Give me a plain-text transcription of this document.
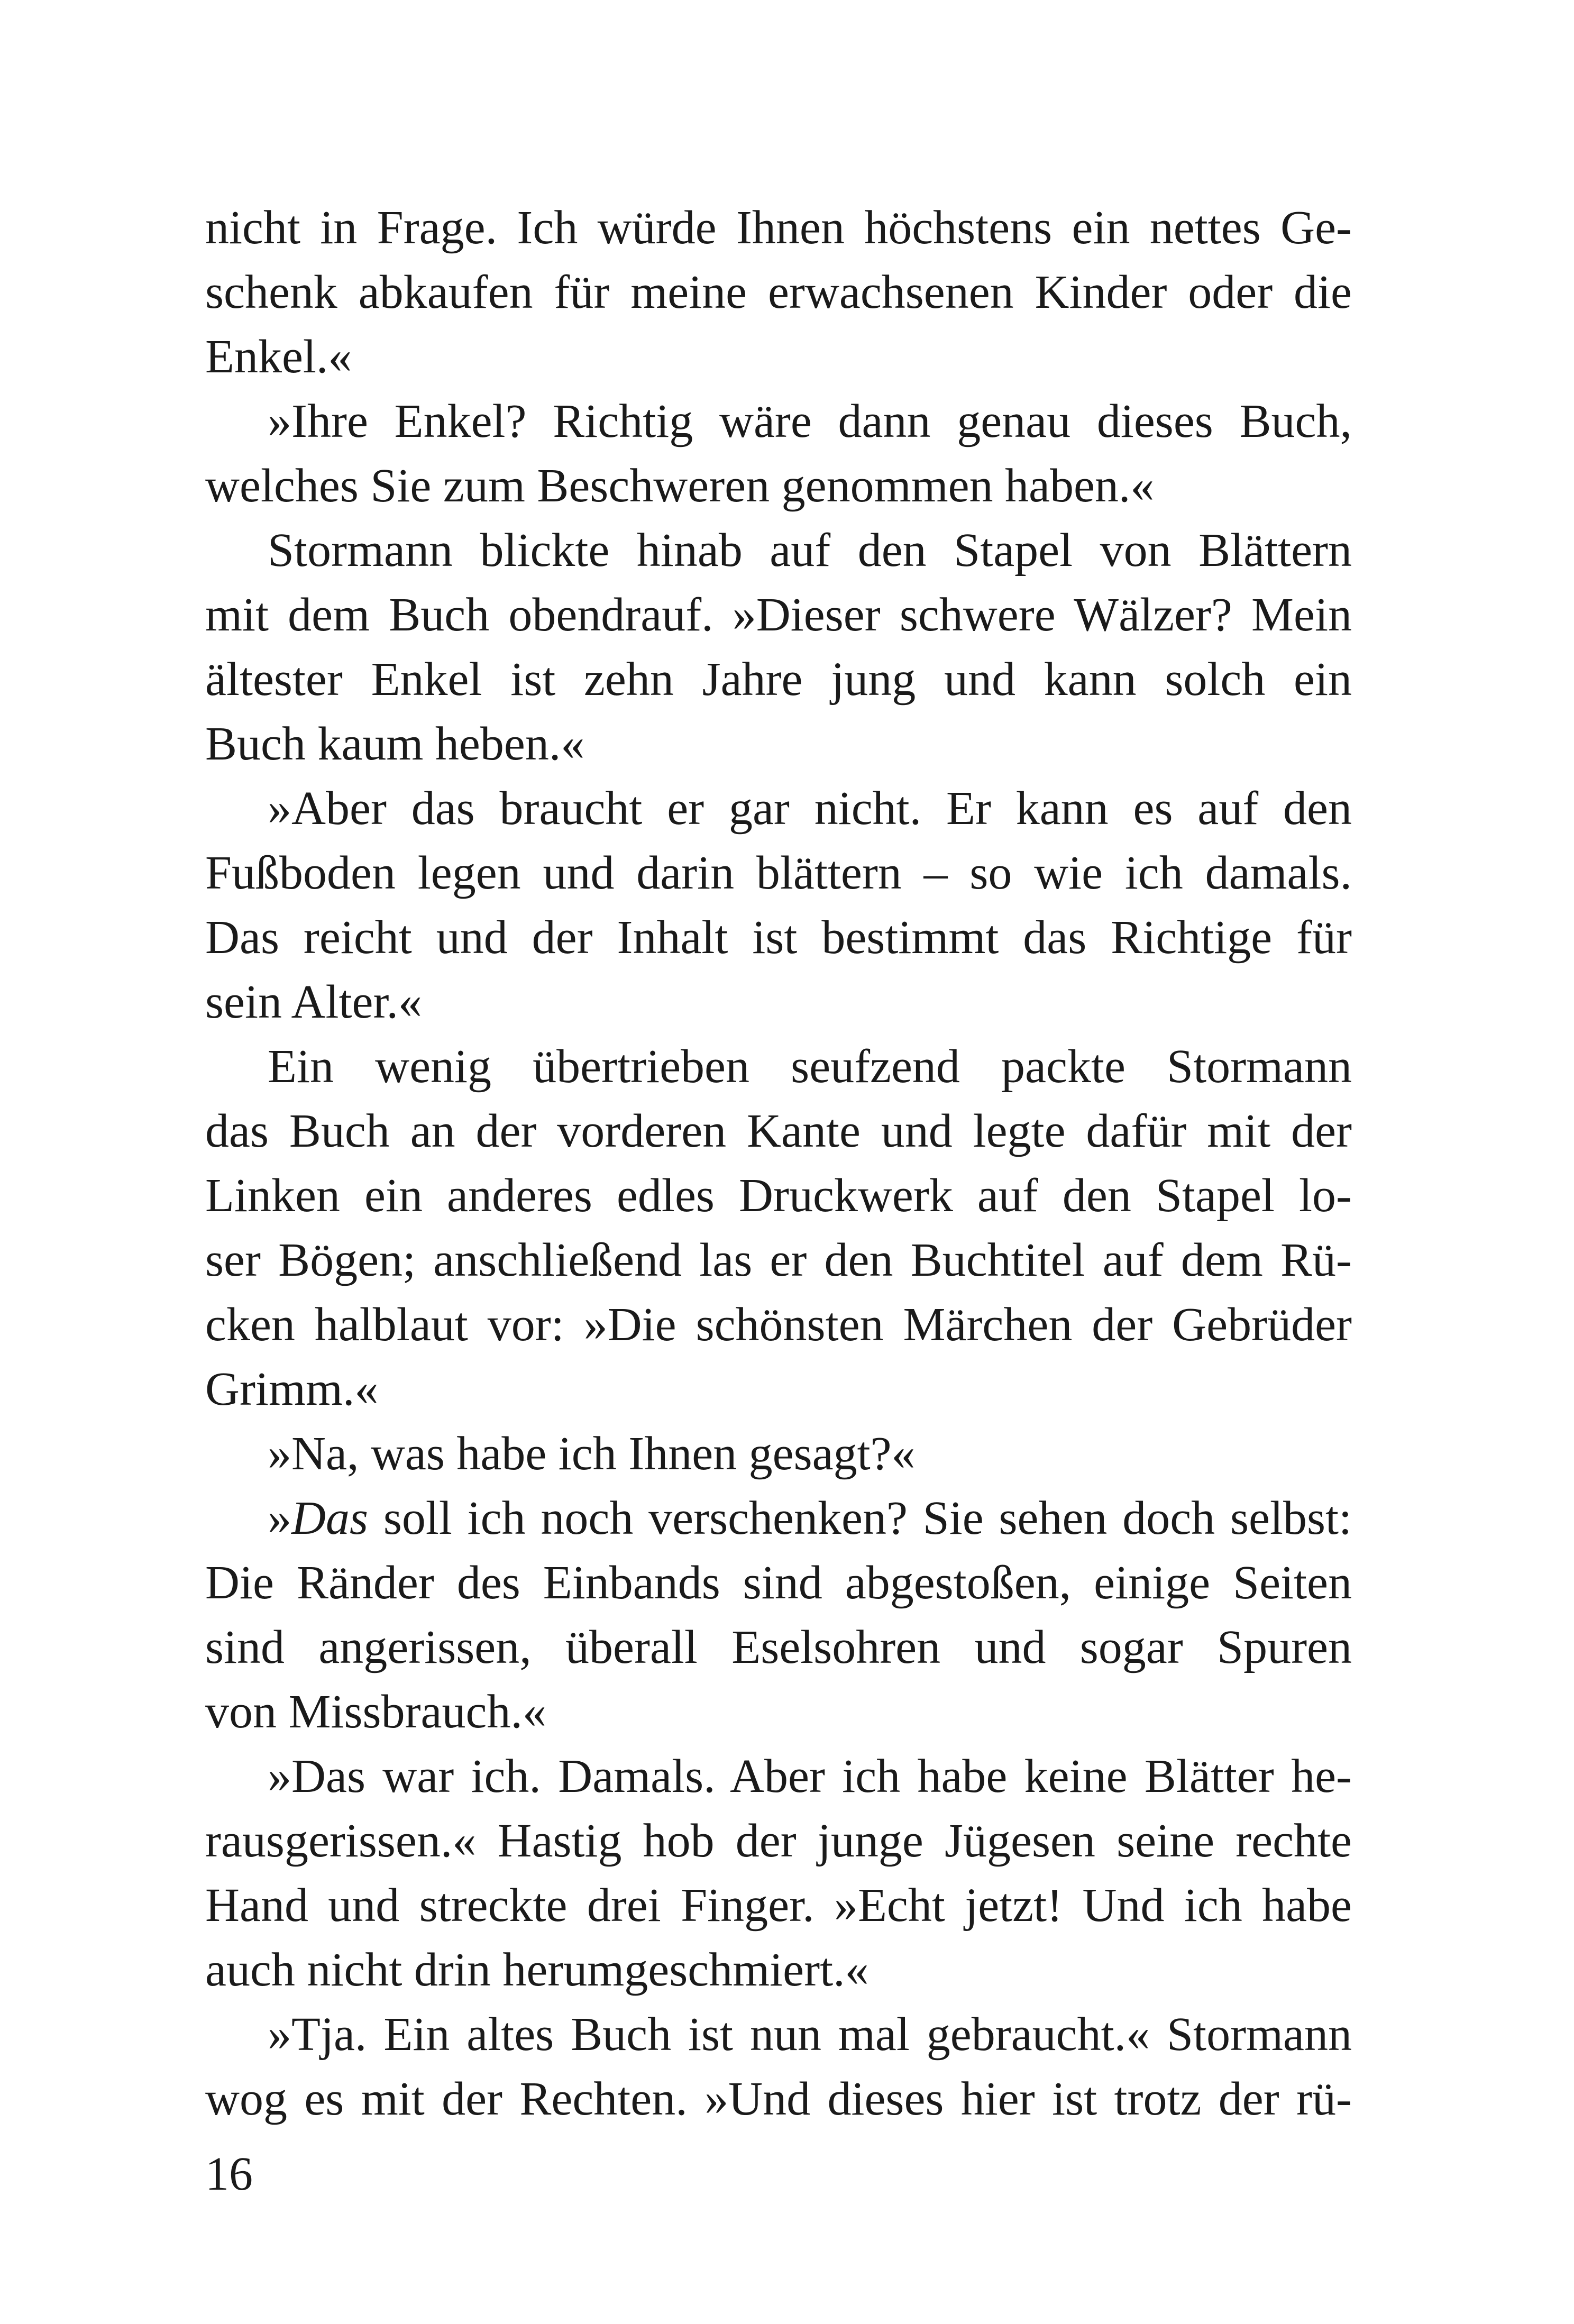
nicht in Frage. Ich würde Ihnen höchstens ein nettes Ge-
schenk abkaufen für meine erwachsenen Kinder oder die
Enkel.«
»Ihre Enkel? Richtig wäre dann genau dieses Buch,
welches Sie zum Beschweren genommen haben.«
Stormann blickte hinab auf den Stapel von Blättern
mit dem Buch obendrauf. »Dieser schwere Wälzer? Mein
ältester Enkel ist zehn Jahre jung und kann solch ein
Buch kaum heben.«
»Aber das braucht er gar nicht. Er kann es auf den
Fußboden legen und darin blättern – so wie ich damals.
Das reicht und der Inhalt ist bestimmt das Richtige für
sein Alter.«
Ein wenig übertrieben seufzend packte Stormann
das Buch an der vorderen Kante und legte dafür mit der
Linken ein anderes edles Druckwerk auf den Stapel lo-
ser Bögen; anschließend las er den Buchtitel auf dem Rü-
cken halblaut vor: »Die schönsten Märchen der Gebrüder
Grimm.«
»Na, was habe ich Ihnen gesagt?«
»Das soll ich noch verschenken? Sie sehen doch selbst:
Die Ränder des Einbands sind abgestoßen, einige Seiten
sind angerissen, überall Eselsohren und sogar Spuren
von Missbrauch.«
»Das war ich. Damals. Aber ich habe keine Blätter he-
rausgerissen.« Hastig hob der junge Jügesen seine rechte
Hand und streckte drei Finger. »Echt jetzt! Und ich habe
auch nicht drin herumgeschmiert.«
»Tja. Ein altes Buch ist nun mal gebraucht.« Stormann
wog es mit der Rechten. »Und dieses hier ist trotz der rü-
16
